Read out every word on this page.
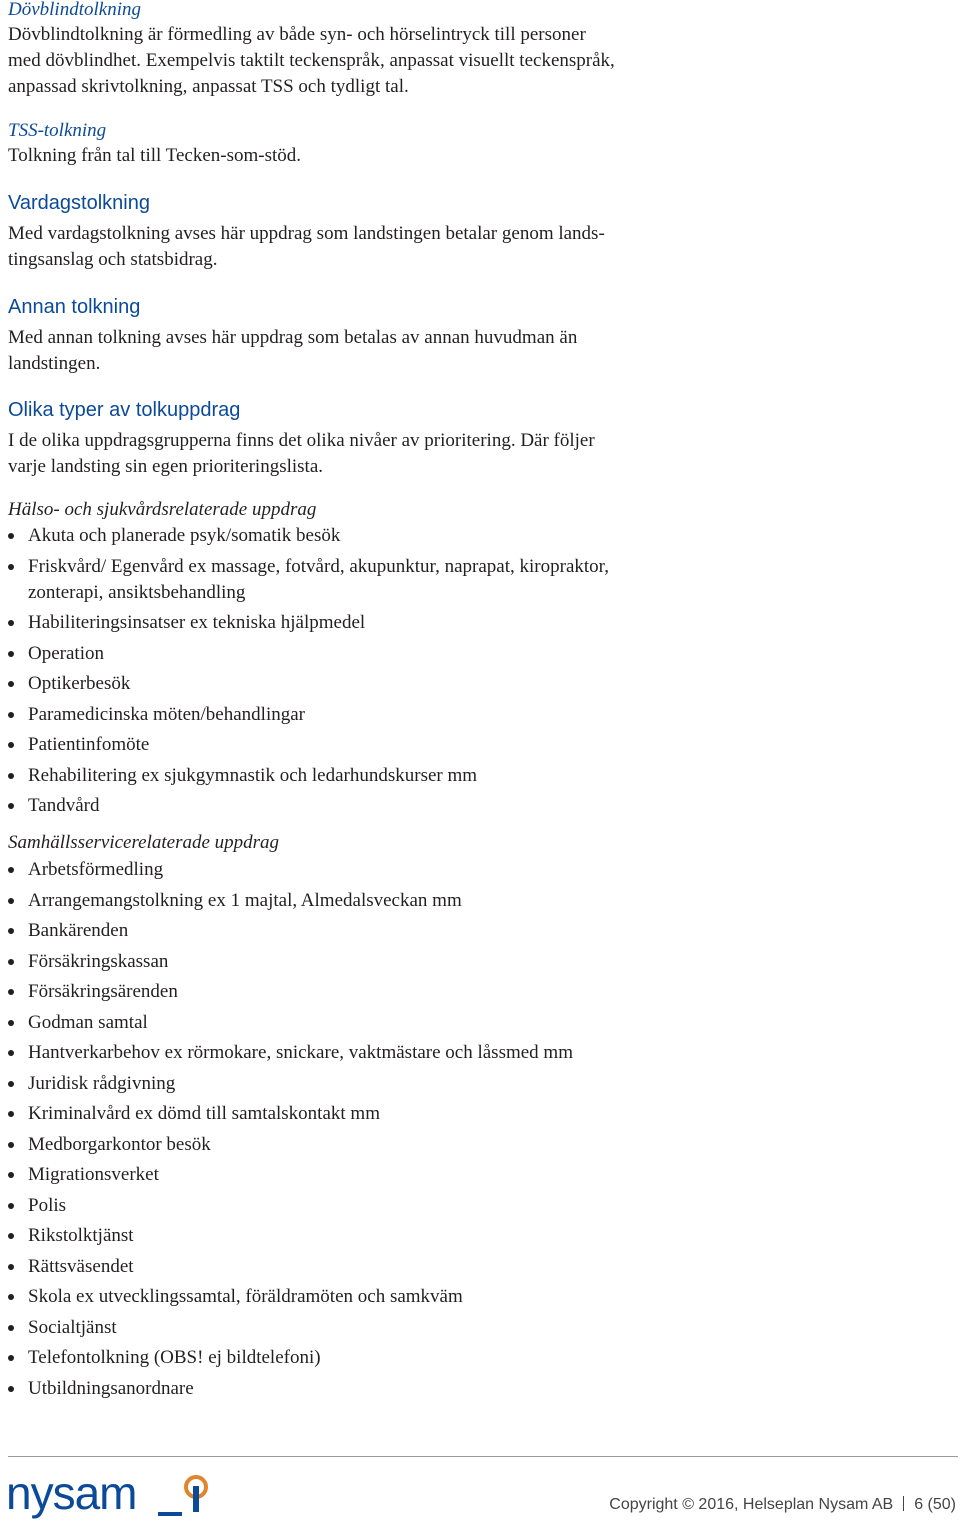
Dövblindtolkning
Dövblindtolkning är förmedling av både syn- och hörselintryck till personer
med dövblindhet. Exempelvis taktilt teckenspråk, anpassat visuellt teckenspråk,
anpassad skrivtolkning, anpassat TSS och tydligt tal.
TSS-tolkning
Tolkning från tal till Tecken-som-stöd.
Vardagstolkning
Med vardagstolkning avses här uppdrag som landstingen betalar genom lands-
tingsanslag och statsbidrag.
Annan tolkning
Med annan tolkning avses här uppdrag som betalas av annan huvudman än
landstingen.
Olika typer av tolkuppdrag
I de olika uppdragsgrupperna finns det olika nivåer av prioritering. Där följer
varje landsting sin egen prioriteringslista.
Hälso- och sjukvårdsrelaterade uppdrag
Akuta och planerade psyk/somatik besök
Friskvård/ Egenvård ex massage, fotvård, akupunktur, naprapat, kiropraktor,
zonterapi, ansiktsbehandling
Habiliteringsinsatser ex tekniska hjälpmedel
Operation
Optikerbesök
Paramedicinska möten/behandlingar
Patientinfomöte
Rehabilitering ex sjukgymnastik och ledarhundskurser mm
Tandvård
Samhällsservicerelaterade uppdrag
Arbetsförmedling
Arrangemangstolkning ex 1 majtal, Almedalsveckan mm
Bankärenden
Försäkringskassan
Försäkringsärenden
Godman samtal
Hantverkarbehov ex rörmokare, snickare, vaktmästare och låssmed mm
Juridisk rådgivning
Kriminalvård ex dömd till samtalskontakt mm
Medborgarkontor besök
Migrationsverket
Polis
Rikstolktjänst
Rättsväsendet
Skola ex utvecklingssamtal, föräldramöten och samkväm
Socialtjänst
Telefontolkning (OBS! ej bildtelefoni)
Utbildningsanordnare
nysam	Copyright © 2016, Helseplan Nysam AB 6 (50)
